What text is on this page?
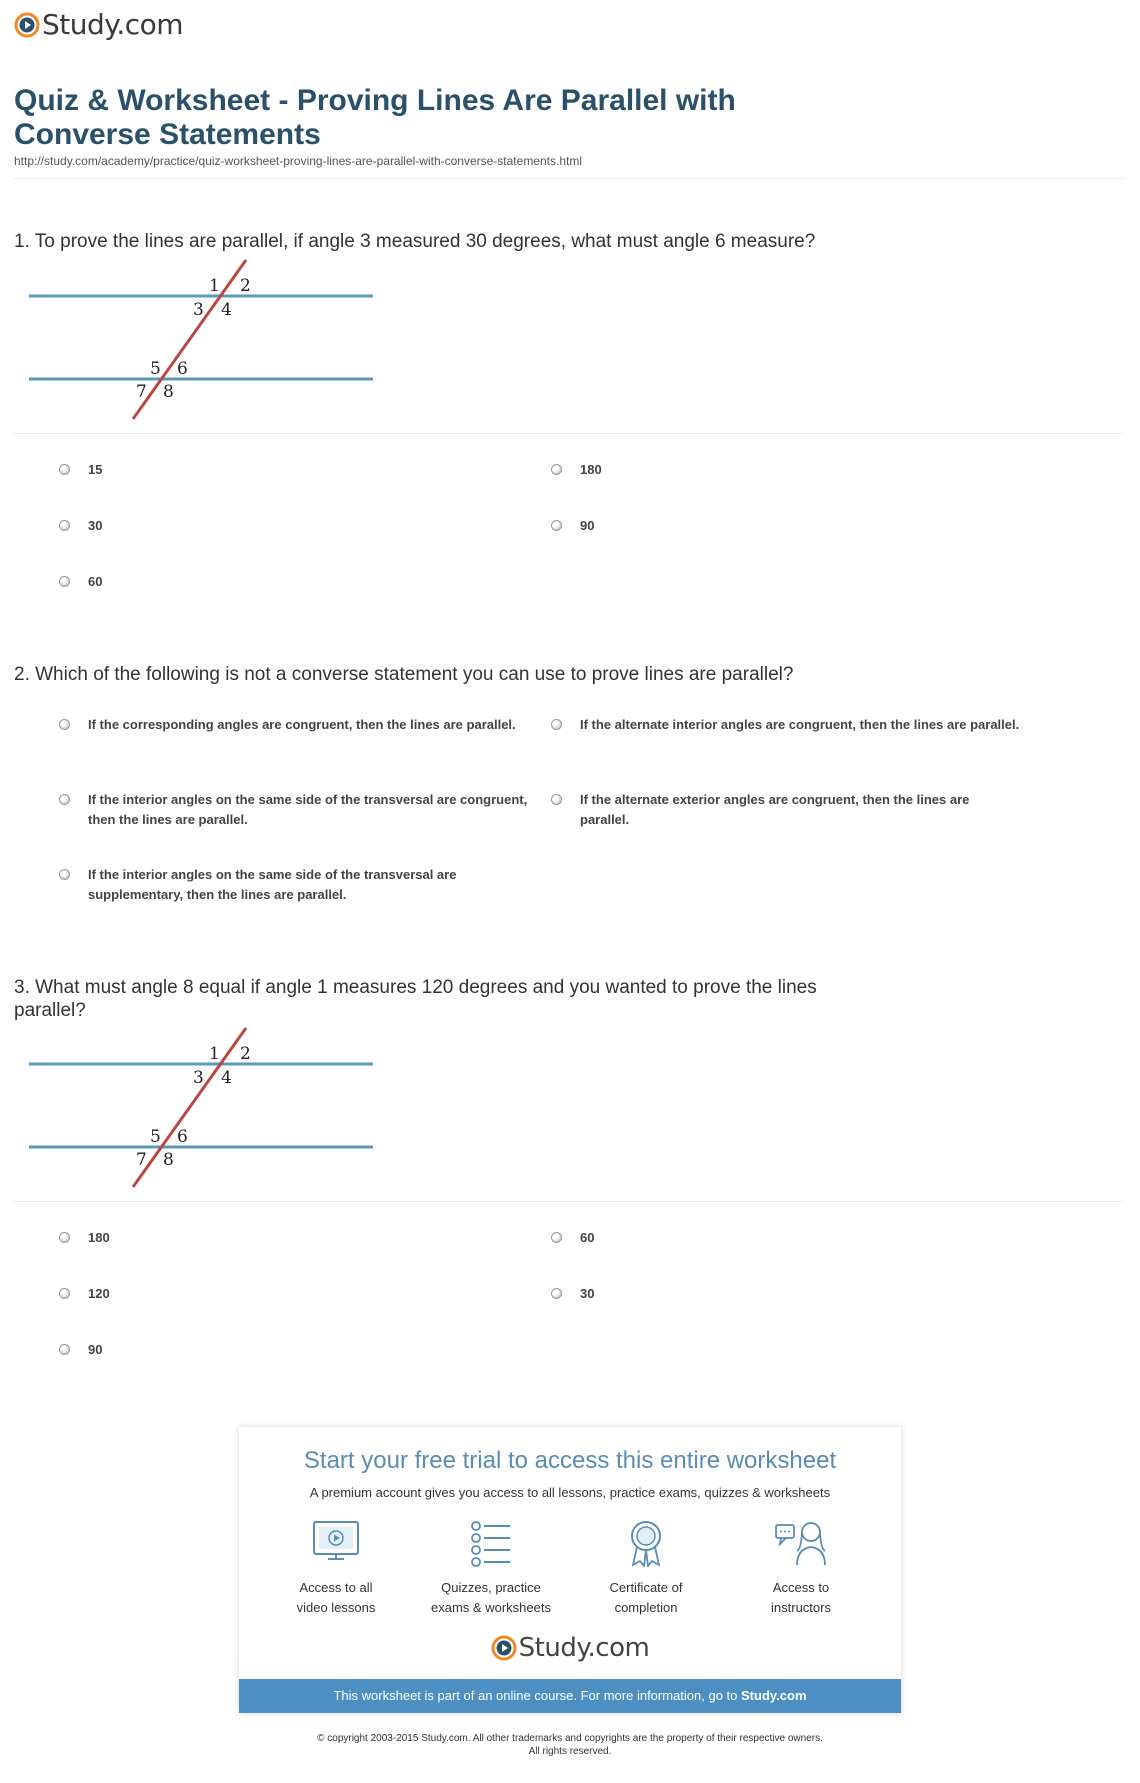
Study.com
Quiz & Worksheet - Proving Lines Are Parallel with Converse Statements
http://study.com/academy/practice/quiz-worksheet-proving-lines-are-parallel-with-converse-statements.html
1. To prove the lines are parallel, if angle 3 measured 30 degrees, what must angle 6 measure?
1 2
3 4
5 6
7 8
15	180
30	90
60
2. Which of the following is not a converse statement you can use to prove lines are parallel?
If the corresponding angles are congruent, then the lines are parallel.	If the alternate interior angles are congruent, then the lines are parallel.
If the interior angles on the same side of the transversal are congruent, then the lines are parallel.
If the alternate exterior angles are congruent, then the lines are parallel.
If the interior angles on the same side of the transversal are supplementary, then the lines are parallel.
3. What must angle 8 equal if angle 1 measures 120 degrees and you wanted to prove the lines parallel?
1 2
3 4
5 6
7 8
180	60
120	30
90
Start your free trial to access this entire worksheet
A premium account gives you access to all lessons, practice exams, quizzes & worksheets
Access to all
video lessons
Quizzes, practice
exams & worksheets
Certificate of
completion
Access to
instructors
Study.com
This worksheet is part of an online course. For more information, go to Study.com
© copyright 2003-2015 Study.com. All other trademarks and copyrights are the property of their respective owners.
All rights reserved.
